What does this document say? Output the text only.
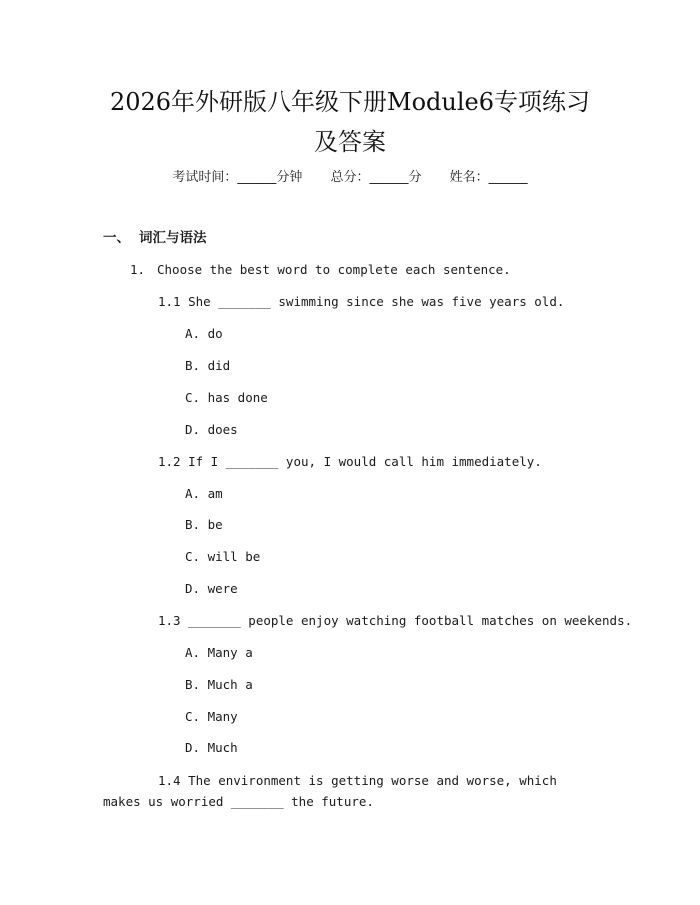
2026年外研版八年级下册Module6专项练习
及答案
考试时间：______分钟 总分：______分 姓名：______
一、 词汇与语法
1. Choose the best word to complete each sentence.
1.1 She _______ swimming since she was five years old.
A. do
B. did
C. has done
D. does
1.2 If I _______ you, I would call him immediately.
A. am
B. be
C. will be
D. were
1.3 _______ people enjoy watching football matches on weekends.
A. Many a
B. Much a
C. Many
D. Much
1.4 The environment is getting worse and worse, which makes us worried _______ the future.
